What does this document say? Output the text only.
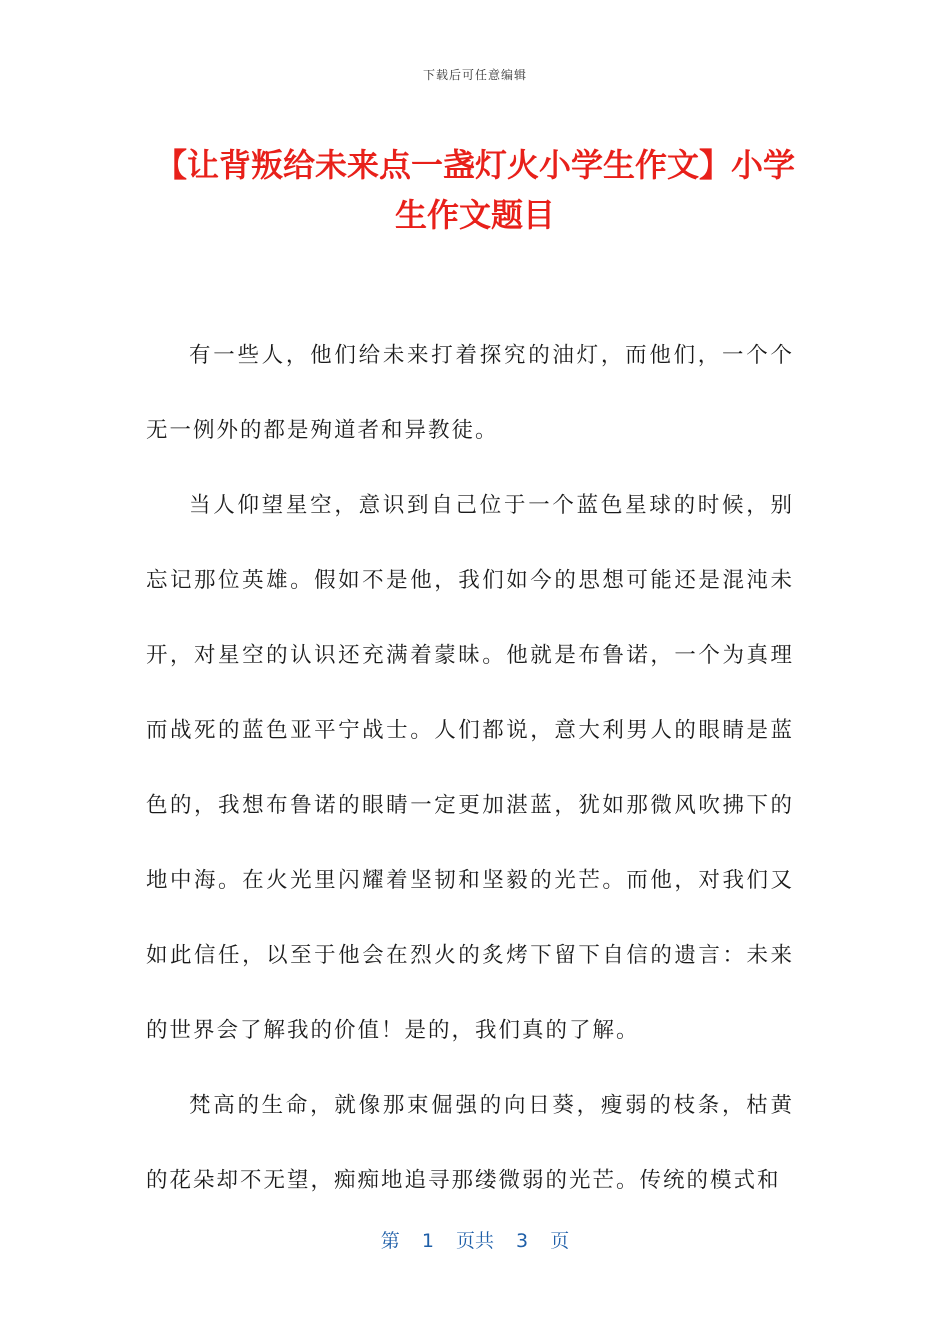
下载后可任意编辑
【让背叛给未来点一盏灯火小学生作文】小学生作文题目

有一些人，他们给未来打着探究的油灯，而他们，一个个无一例外的都是殉道者和异教徒。

当人仰望星空，意识到自己位于一个蓝色星球的时候，别忘记那位英雄。假如不是他，我们如今的思想可能还是混沌未开，对星空的认识还充满着蒙昧。他就是布鲁诺，一个为真理而战死的蓝色亚平宁战士。人们都说，意大利男人的眼睛是蓝色的，我想布鲁诺的眼睛一定更加湛蓝，犹如那微风吹拂下的地中海。在火光里闪耀着坚韧和坚毅的光芒。而他，对我们又如此信任，以至于他会在烈火的炙烤下留下自信的遗言：未来的世界会了解我的价值！是的，我们真的了解。

梵高的生命，就像那束倔强的向日葵，瘦弱的枝条，枯黄的花朵却不无望，痴痴地追寻那缕微弱的光芒。传统的模式和

第 1 页共 3 页
